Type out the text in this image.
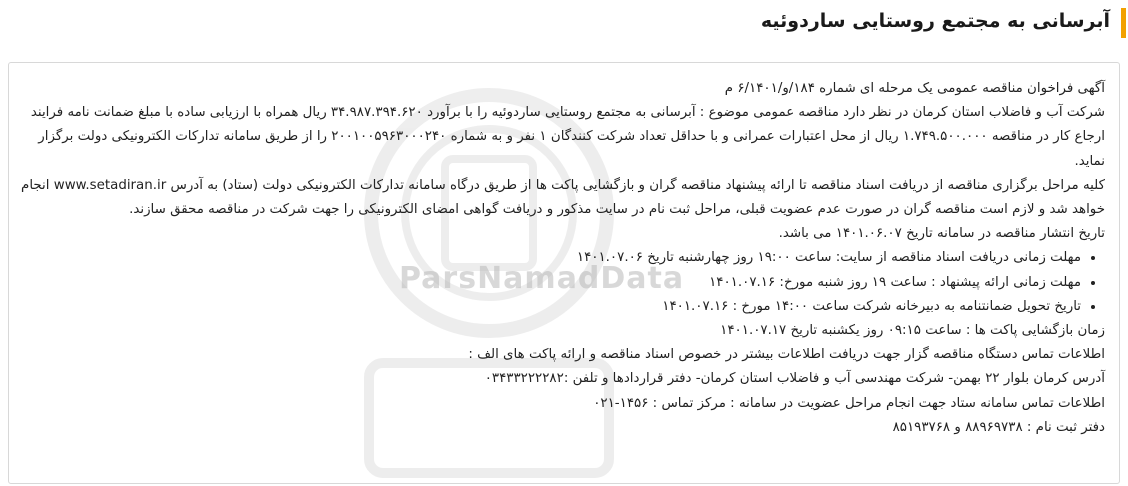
آبرسانی به مجتمع روستایی ساردوئیه
ParsNamadData

آگهی فراخوان مناقصه عمومی یک مرحله ای شماره ۱۸۴/و/۶/۱۴۰۱ م

شرکت آب و فاضلاب استان کرمان در نظر دارد مناقصه عمومی موضوع : آبرسانی به مجتمع روستایی ساردوئیه را با برآورد ۳۴.۹۸۷.۳۹۴.۶۲۰ ریال همراه با ارزیابی ساده با مبلغ ضمانت نامه فرایند ارجاع کار در مناقصه ۱.۷۴۹.۵۰۰.۰۰۰ ریال از محل اعتبارات عمرانی و با حداقل تعداد شرکت کنندگان ۱ نفر و به شماره ۲۰۰۱۰۰۵۹۶۳۰۰۰۲۴۰ را از طریق سامانه تدارکات الکترونیکی دولت برگزار نماید.

کلیه مراحل برگزاری مناقصه از دریافت اسناد مناقصه تا ارائه پیشنهاد مناقصه گران و بازگشایی پاکت ها از طریق درگاه سامانه تدارکات الکترونیکی دولت (ستاد) به آدرس www.setadiran.ir انجام خواهد شد و لازم است مناقصه گران در صورت عدم عضویت قبلی، مراحل ثبت نام در سایت مذکور و دریافت گواهی امضای الکترونیکی را جهت شرکت در مناقصه محقق سازند.

تاریخ انتشار مناقصه در سامانه تاریخ ۱۴۰۱.۰۶.۰۷ می باشد.

• مهلت زمانی دریافت اسناد مناقصه از سایت: ساعت ۱۹:۰۰ روز چهارشنبه تاریخ ۱۴۰۱.۰۷.۰۶
• مهلت زمانی ارائه پیشنهاد : ساعت ۱۹ روز شنبه مورخ: ۱۴۰۱.۰۷.۱۶
• تاریخ تحویل ضمانتنامه به دبیرخانه شرکت ساعت ۱۴:۰۰ مورخ : ۱۴۰۱.۰۷.۱۶
زمان بازگشایی پاکت ها : ساعت ۰۹:۱۵ روز یکشنبه تاریخ ۱۴۰۱.۰۷.۱۷
اطلاعات تماس دستگاه مناقصه گزار جهت دریافت اطلاعات بیشتر در خصوص اسناد مناقصه و ارائه پاکت های الف :
آدرس کرمان بلوار ۲۲ بهمن- شرکت مهندسی آب و فاضلاب استان کرمان- دفتر قراردادها و تلفن :۰۳۴۳۳۲۲۲۲۸۲
اطلاعات تماس سامانه ستاد جهت انجام مراحل عضویت در سامانه : مرکز تماس : ۱۴۵۶-۰۲۱
دفتر ثبت نام : ۸۸۹۶۹۷۳۸ و ۸۵۱۹۳۷۶۸
